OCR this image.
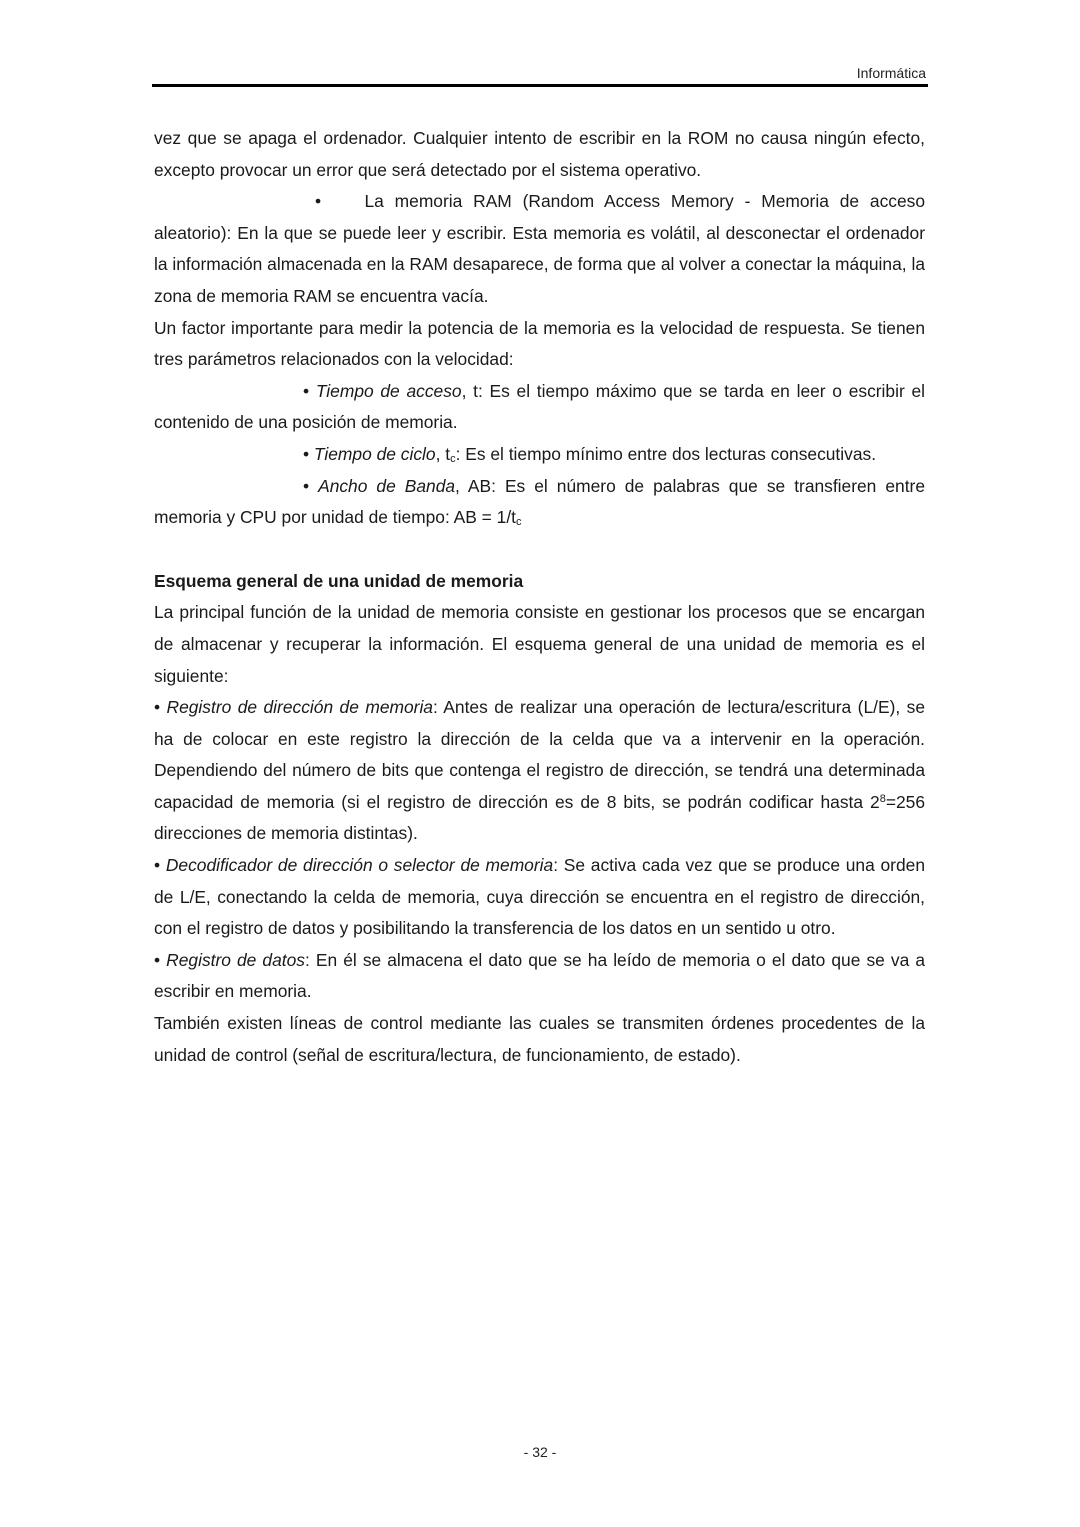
Informática

vez que se apaga el ordenador. Cualquier intento de escribir en la ROM no causa ningún efecto, excepto provocar un error que será detectado por el sistema operativo.

• La memoria RAM (Random Access Memory - Memoria de acceso aleatorio): En la que se puede leer y escribir. Esta memoria es volátil, al desconectar el ordenador la información almacenada en la RAM desaparece, de forma que al volver a conectar la máquina, la zona de memoria RAM se encuentra vacía.

Un factor importante para medir la potencia de la memoria es la velocidad de respuesta. Se tienen tres parámetros relacionados con la velocidad:

• Tiempo de acceso, t: Es el tiempo máximo que se tarda en leer o escribir el contenido de una posición de memoria.

• Tiempo de ciclo, $t_c$: Es el tiempo mínimo entre dos lecturas consecutivas.

• Ancho de Banda, AB: Es el número de palabras que se transfieren entre memoria y CPU por unidad de tiempo: AB = $1/t_c$

Esquema general de una unidad de memoria

La principal función de la unidad de memoria consiste en gestionar los procesos que se encargan de almacenar y recuperar la información. El esquema general de una unidad de memoria es el siguiente:

• Registro de dirección de memoria: Antes de realizar una operación de lectura/escritura (L/E), se ha de colocar en este registro la dirección de la celda que va a intervenir en la operación. Dependiendo del número de bits que contenga el registro de dirección, se tendrá una determinada capacidad de memoria (si el registro de dirección es de 8 bits, se podrán codificar hasta $2^8=256$ direcciones de memoria distintas).

• Decodificador de dirección o selector de memoria: Se activa cada vez que se produce una orden de L/E, conectando la celda de memoria, cuya dirección se encuentra en el registro de dirección, con el registro de datos y posibilitando la transferencia de los datos en un sentido u otro.

• Registro de datos: En él se almacena el dato que se ha leído de memoria o el dato que se va a escribir en memoria.

También existen líneas de control mediante las cuales se transmiten órdenes procedentes de la unidad de control (señal de escritura/lectura, de funcionamiento, de estado).

- 32 -
